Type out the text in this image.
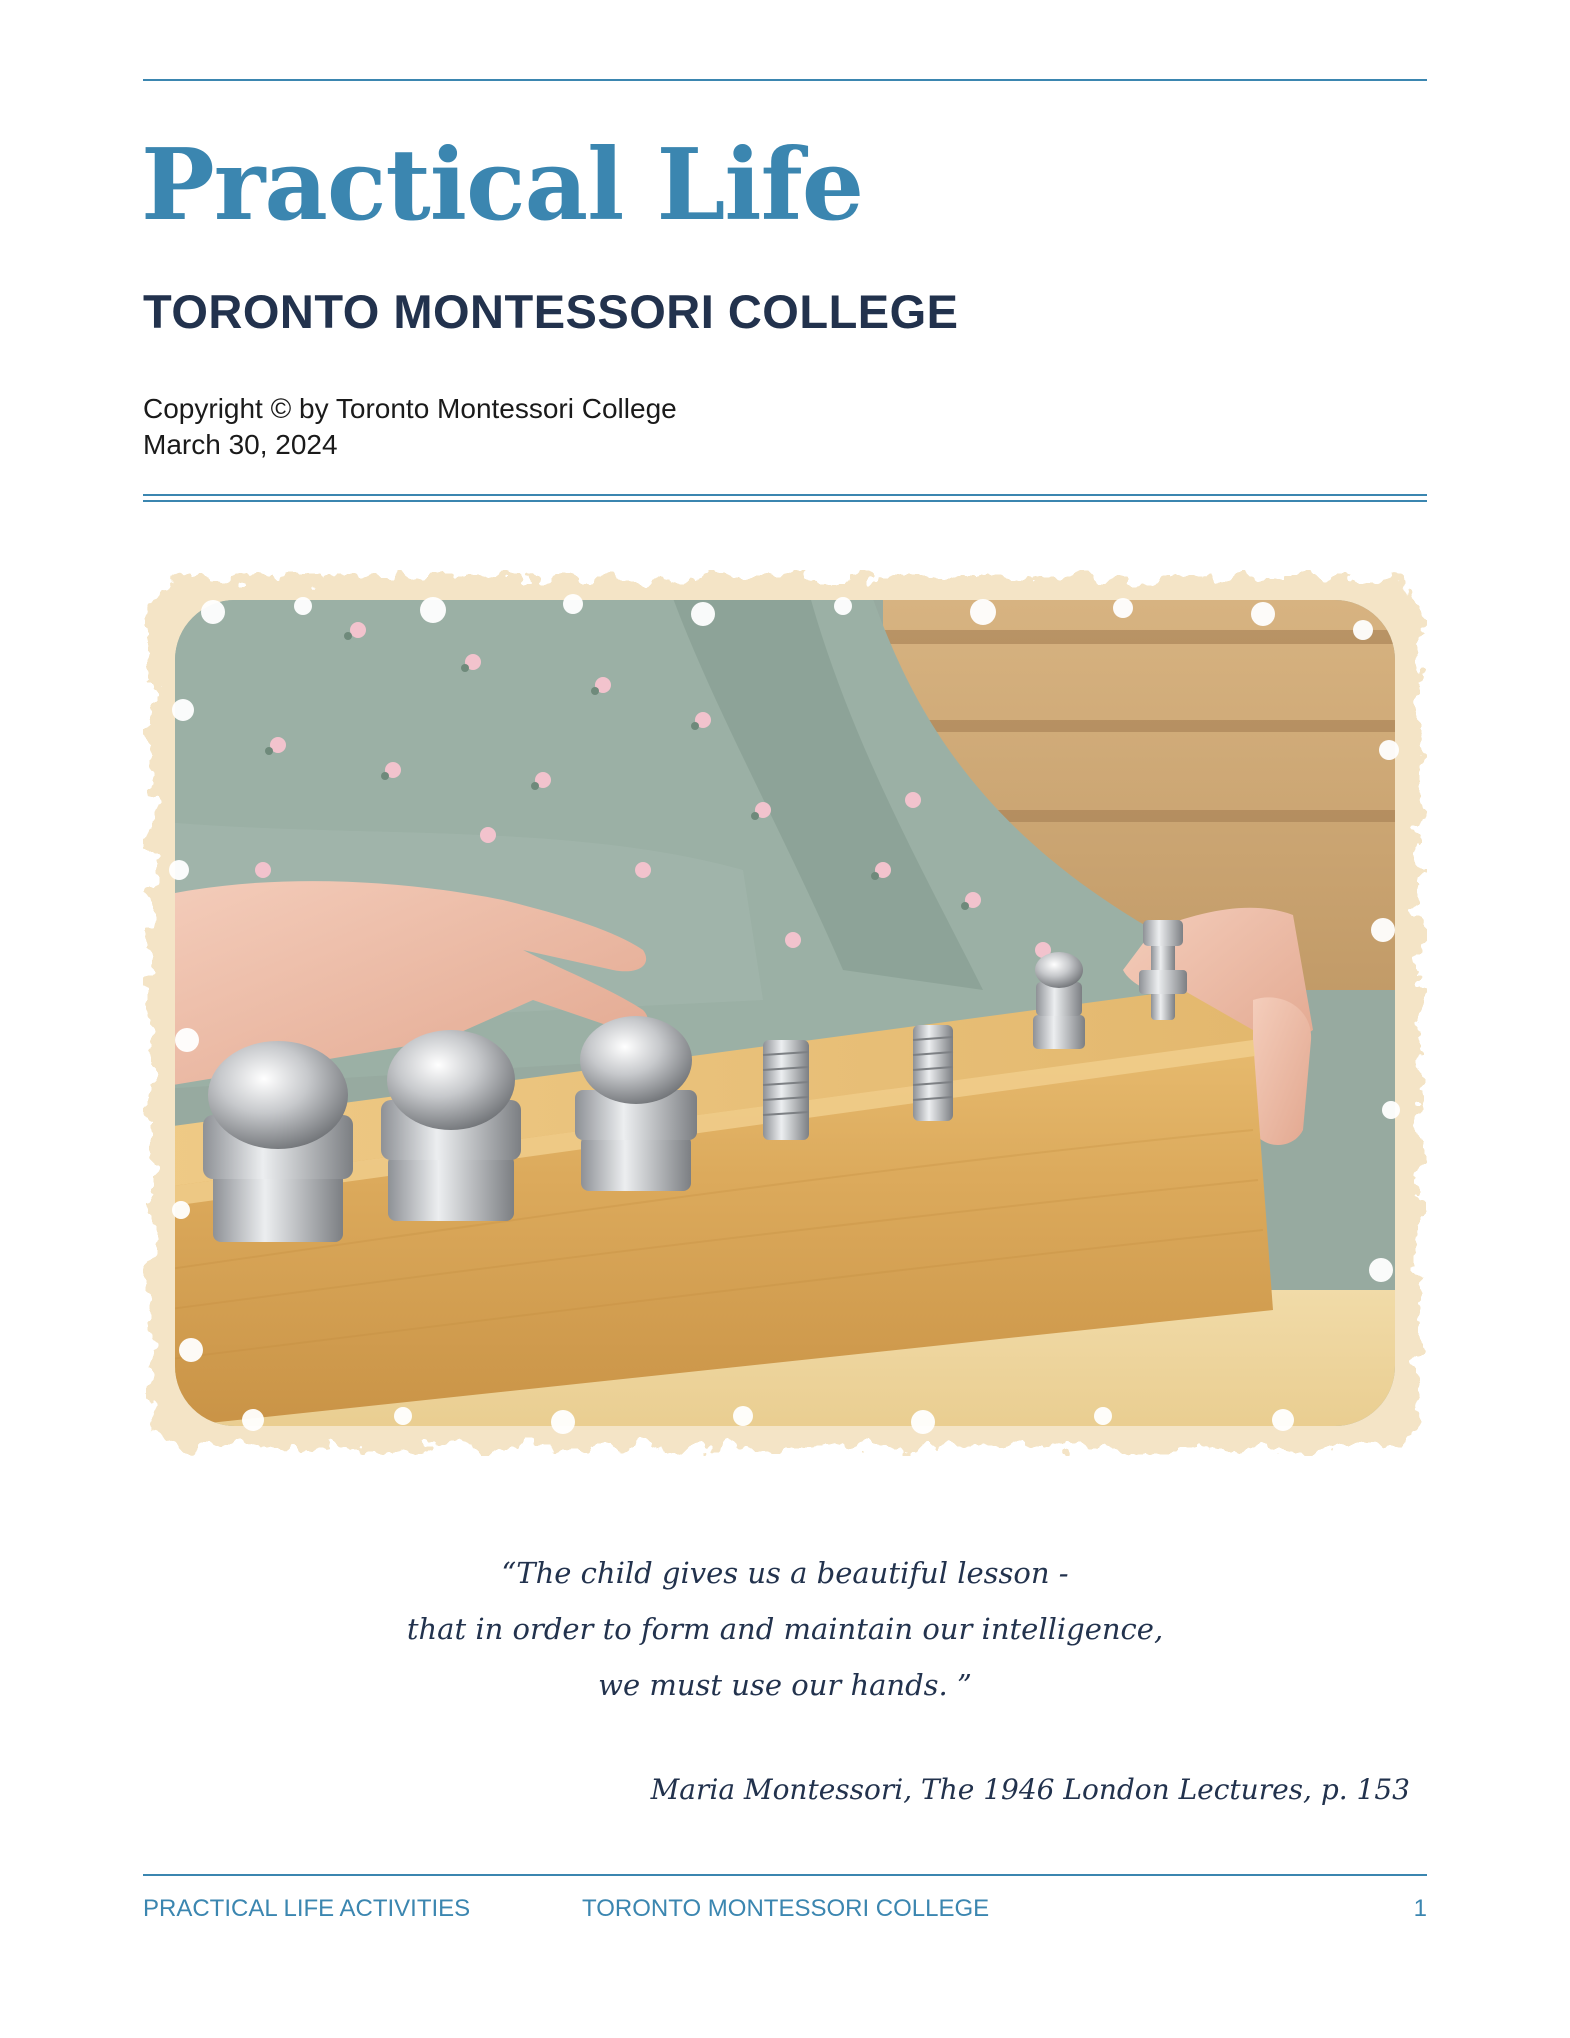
Practical Life
TORONTO MONTESSORI COLLEGE
Copyright © by Toronto Montessori College
March 30, 2024
“The child gives us a beautiful lesson -
that in order to form and maintain our intelligence,
we must use our hands. ”
Maria Montessori, The 1946 London Lectures, p. 153
PRACTICAL LIFE ACTIVITIES	TORONTO MONTESSORI COLLEGE	1
